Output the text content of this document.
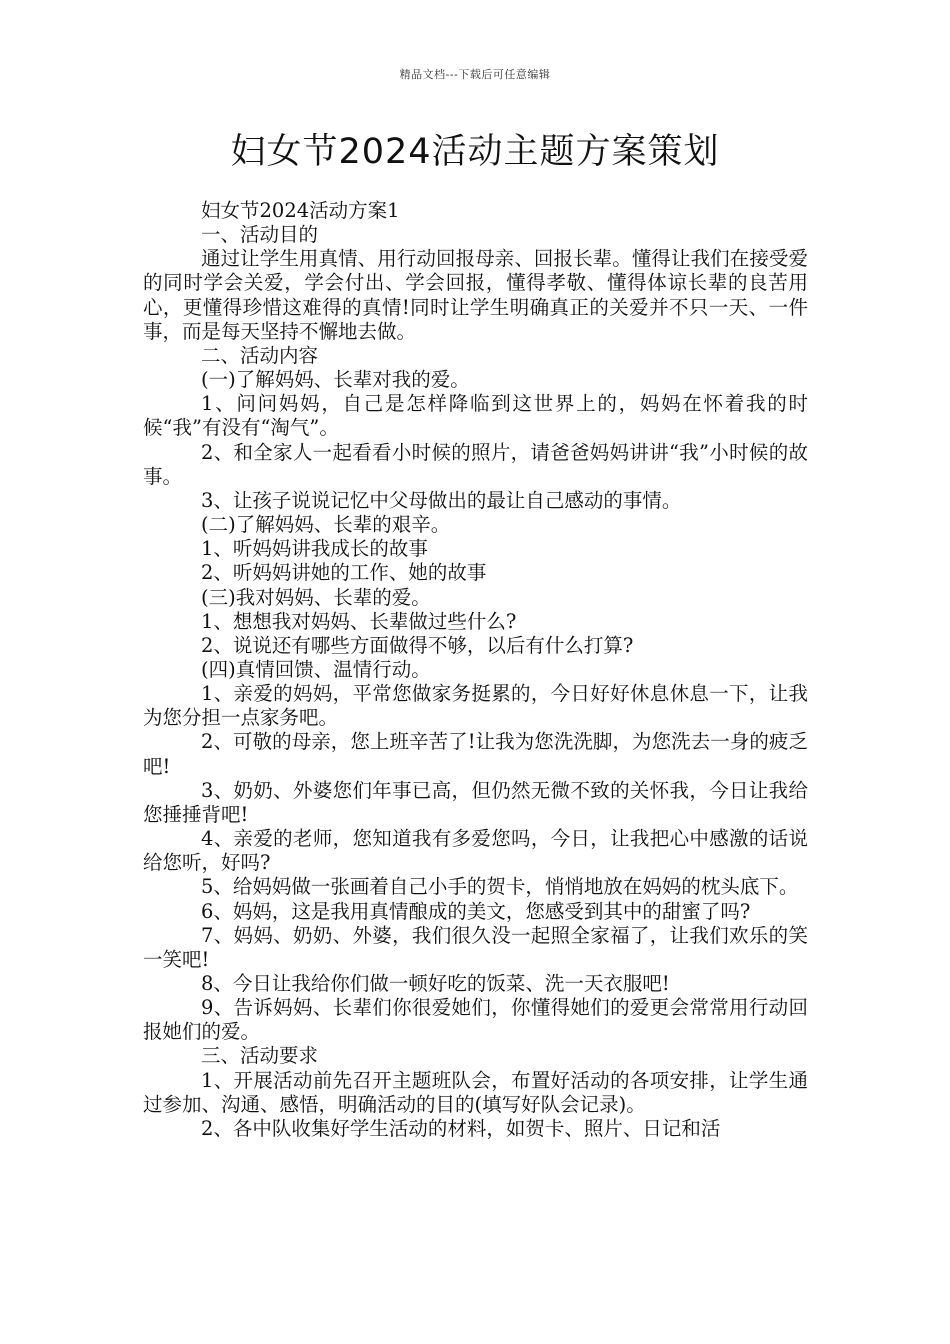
精品文档---下载后可任意编辑
妇女节2024活动主题方案策划

妇女节2024活动方案1

一、活动目的

通过让学生用真情、用行动回报母亲、回报长辈。懂得让我们在接受爱的同时学会关爱，学会付出、学会回报，懂得孝敬、懂得体谅长辈的良苦用心，更懂得珍惜这难得的真情!同时让学生明确真正的关爱并不只一天、一件事，而是每天坚持不懈地去做。

二、活动内容

(一)了解妈妈、长辈对我的爱。

1、问问妈妈，自己是怎样降临到这世界上的，妈妈在怀着我的时候“我”有没有“淘气”。

2、和全家人一起看看小时候的照片，请爸爸妈妈讲讲“我”小时候的故事。

3、让孩子说说记忆中父母做出的最让自己感动的事情。

(二)了解妈妈、长辈的艰辛。

1、听妈妈讲我成长的故事

2、听妈妈讲她的工作、她的故事

(三)我对妈妈、长辈的爱。

1、想想我对妈妈、长辈做过些什么?

2、说说还有哪些方面做得不够，以后有什么打算?

(四)真情回馈、温情行动。

1、亲爱的妈妈，平常您做家务挺累的，今日好好休息休息一下，让我为您分担一点家务吧。

2、可敬的母亲，您上班辛苦了!让我为您洗洗脚，为您洗去一身的疲乏吧!

3、奶奶、外婆您们年事已高，但仍然无微不致的关怀我，今日让我给您捶捶背吧!

4、亲爱的老师，您知道我有多爱您吗，今日，让我把心中感激的话说给您听，好吗?

5、给妈妈做一张画着自己小手的贺卡，悄悄地放在妈妈的枕头底下。

6、妈妈，这是我用真情酿成的美文，您感受到其中的甜蜜了吗?

7、妈妈、奶奶、外婆，我们很久没一起照全家福了，让我们欢乐的笑一笑吧!

8、今日让我给你们做一顿好吃的饭菜、洗一天衣服吧!

9、告诉妈妈、长辈们你很爱她们，你懂得她们的爱更会常常用行动回报她们的爱。

三、活动要求

1、开展活动前先召开主题班队会，布置好活动的各项安排，让学生通过参加、沟通、感悟，明确活动的目的(填写好队会记录)。

2、各中队收集好学生活动的材料，如贺卡、照片、日记和活
